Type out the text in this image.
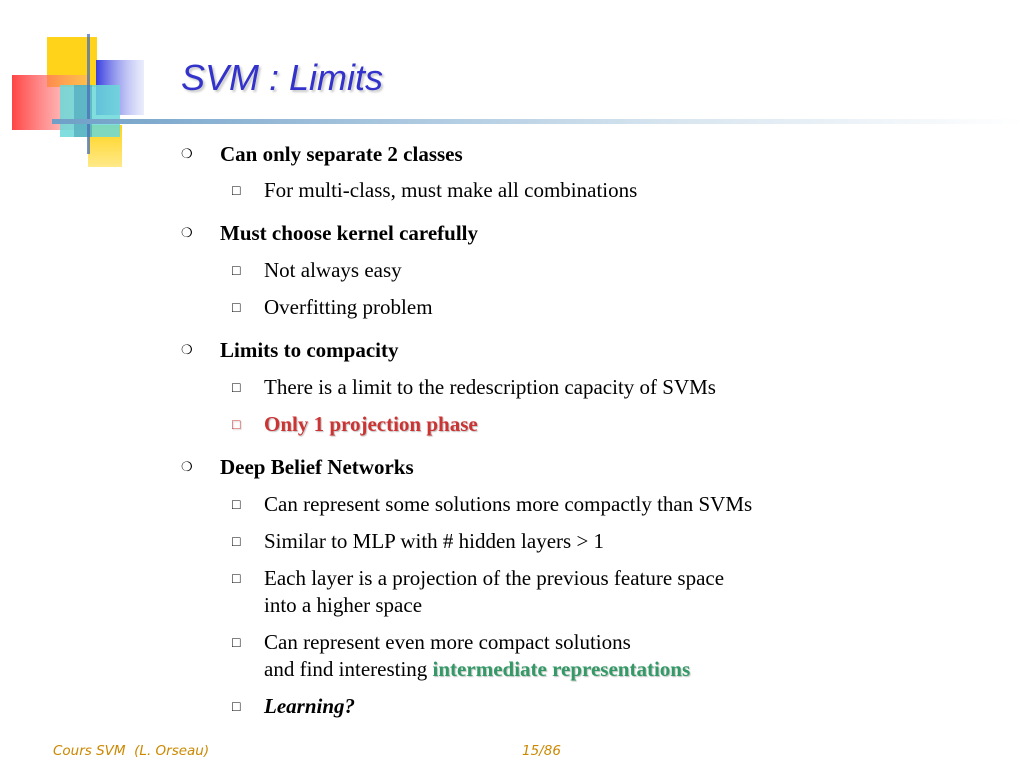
SVM : Limits
❍Can only separate 2 classes
□For multi-class, must make all combinations
❍Must choose kernel carefully
□Not always easy
□Overfitting problem
❍Limits to compacity
□There is a limit to the redescription capacity of SVMs
□Only 1 projection phase
❍Deep Belief Networks
□Can represent some solutions more compactly than SVMs
□Similar to MLP with # hidden layers > 1
□Each layer is a projection of the previous feature space
into a higher space
□Can represent even more compact solutions
and find interesting intermediate representations
□Learning?
Cours SVM  (L. Orseau)	15/86
